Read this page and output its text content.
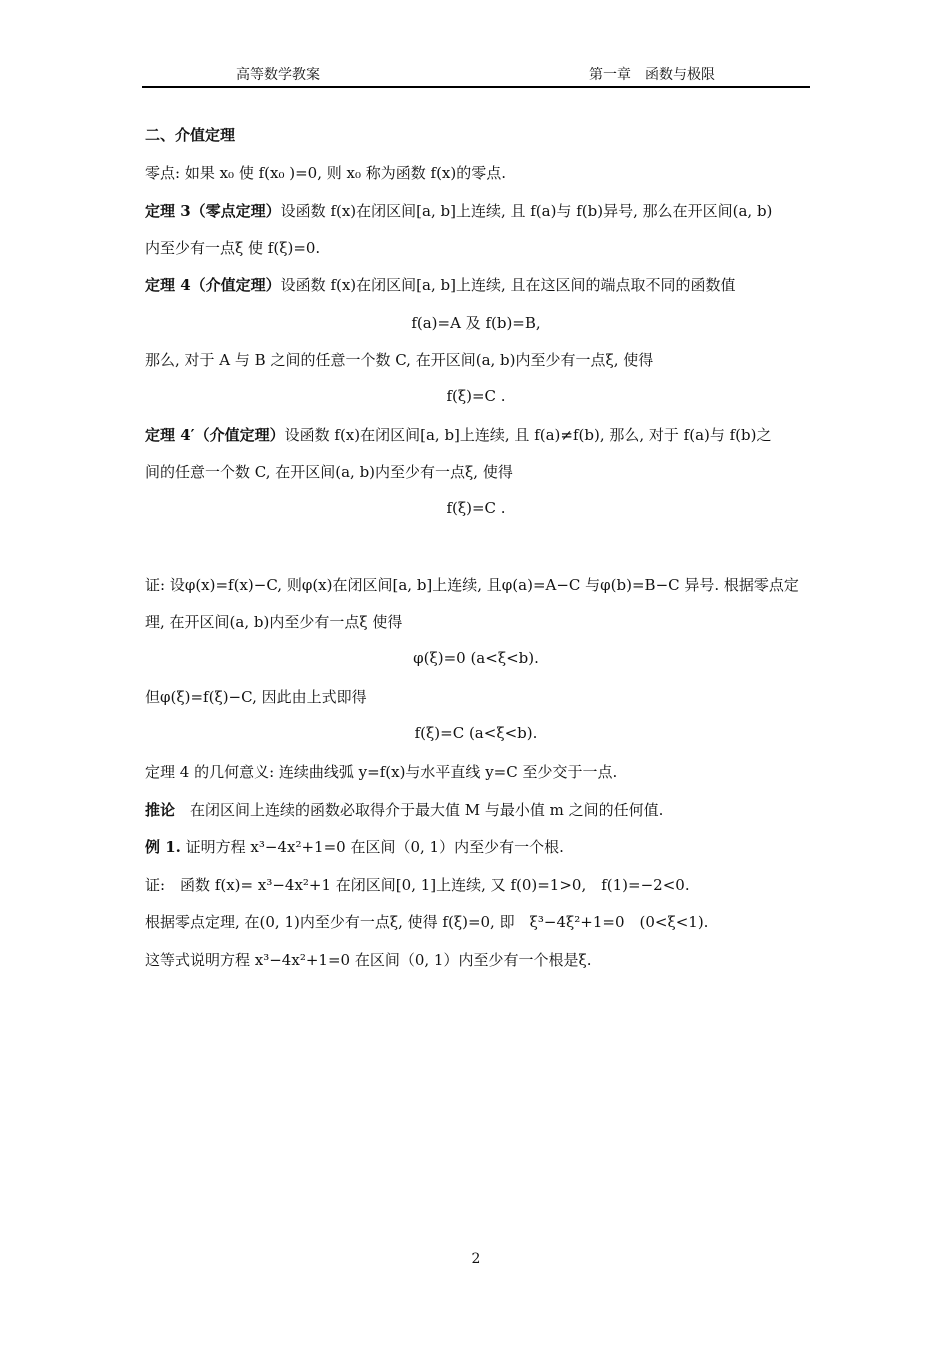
高等数学教案	第一章　函数与极限
二、介值定理
零点: 如果 x₀ 使 f(x₀ )=0, 则 x₀ 称为函数 f(x)的零点.
定理 3（零点定理）设函数 f(x)在闭区间[a, b]上连续, 且 f(a)与 f(b)异号, 那么在开区间(a, b)
内至少有一点ξ 使 f(ξ)=0.
定理 4（介值定理）设函数 f(x)在闭区间[a, b]上连续, 且在这区间的端点取不同的函数值
f(a)=A 及 f(b)=B,
那么, 对于 A 与 B 之间的任意一个数 C, 在开区间(a, b)内至少有一点ξ, 使得
f(ξ)=C .
定理 4′（介值定理）设函数 f(x)在闭区间[a, b]上连续, 且 f(a)≠f(b), 那么, 对于 f(a)与 f(b)之
间的任意一个数 C, 在开区间(a, b)内至少有一点ξ, 使得
f(ξ)=C .
证: 设φ(x)=f(x)−C, 则φ(x)在闭区间[a, b]上连续, 且φ(a)=A−C 与φ(b)=B−C 异号. 根据零点定
理, 在开区间(a, b)内至少有一点ξ 使得
φ(ξ)=0 (a<ξ<b).
但φ(ξ)=f(ξ)−C, 因此由上式即得
f(ξ)=C (a<ξ<b).
定理 4 的几何意义: 连续曲线弧 y=f(x)与水平直线 y=C 至少交于一点.
推论　在闭区间上连续的函数必取得介于最大值 M 与最小值 m 之间的任何值.
例 1. 证明方程 x³−4x²+1=0 在区间（0, 1）内至少有一个根.
证:　函数 f(x)= x³−4x²+1 在闭区间[0, 1]上连续, 又 f(0)=1>0,　f(1)=−2<0.
根据零点定理, 在(0, 1)内至少有一点ξ, 使得 f(ξ)=0, 即　ξ³−4ξ²+1=0　(0<ξ<1).
这等式说明方程 x³−4x²+1=0 在区间（0, 1）内至少有一个根是ξ.
2
